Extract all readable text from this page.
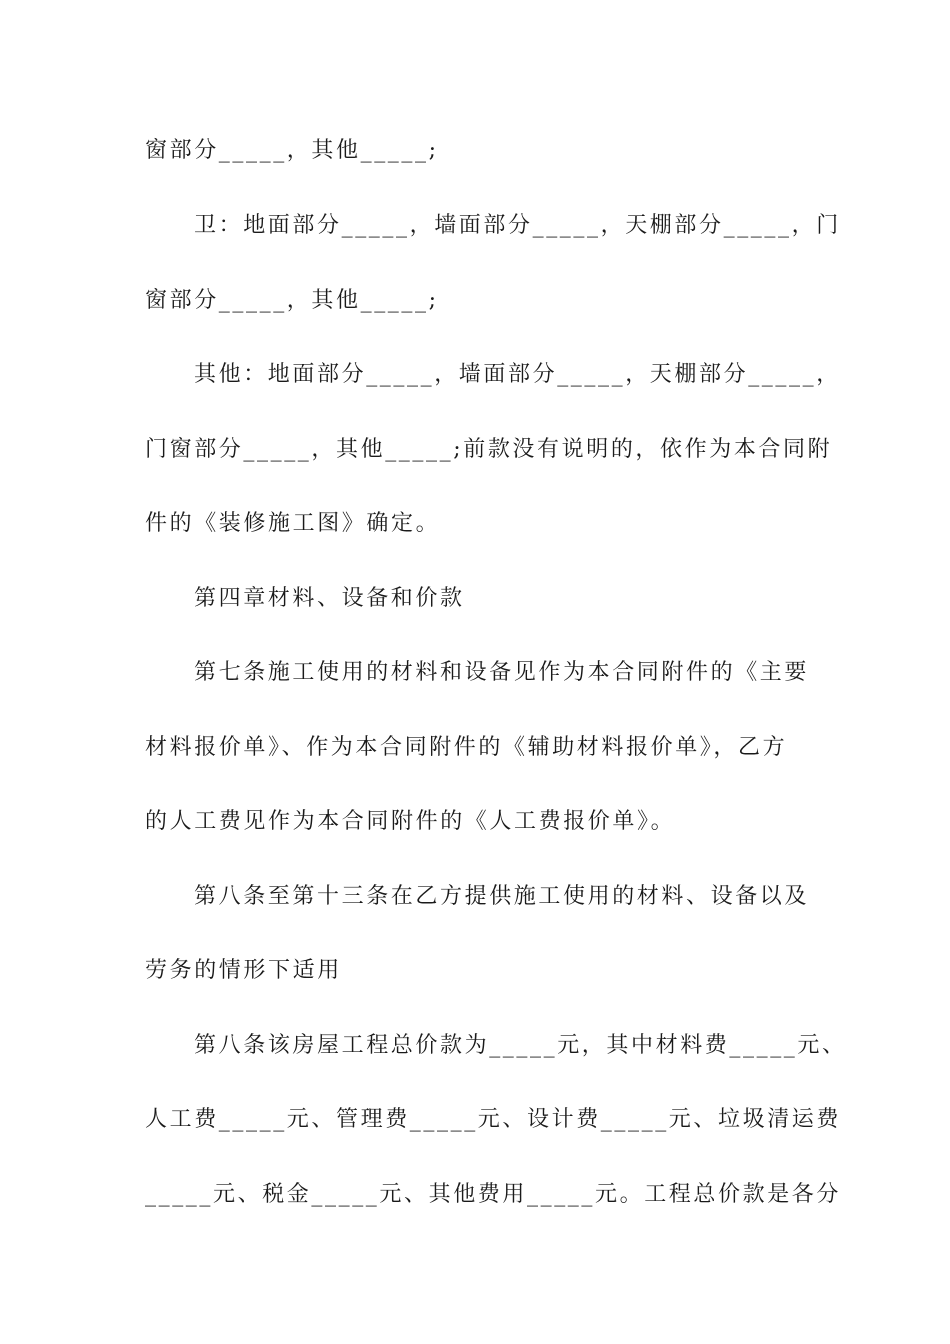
窗部分_____，其他_____;
卫：地面部分_____，墙面部分_____，天棚部分_____，门
窗部分_____，其他_____;
其他：地面部分_____，墙面部分_____，天棚部分_____，
门窗部分_____，其他_____;前款没有说明的，依作为本合同附
件的《装修施工图》确定。
第四章材料、设备和价款
第七条施工使用的材料和设备见作为本合同附件的《主要
材料报价单》、作为本合同附件的《辅助材料报价单》，乙方
的人工费见作为本合同附件的《人工费报价单》。
第八条至第十三条在乙方提供施工使用的材料、设备以及
劳务的情形下适用
第八条该房屋工程总价款为_____元，其中材料费_____元、
人工费_____元、管理费_____元、设计费_____元、垃圾清运费
_____元、税金_____元、其他费用_____元。工程总价款是各分
